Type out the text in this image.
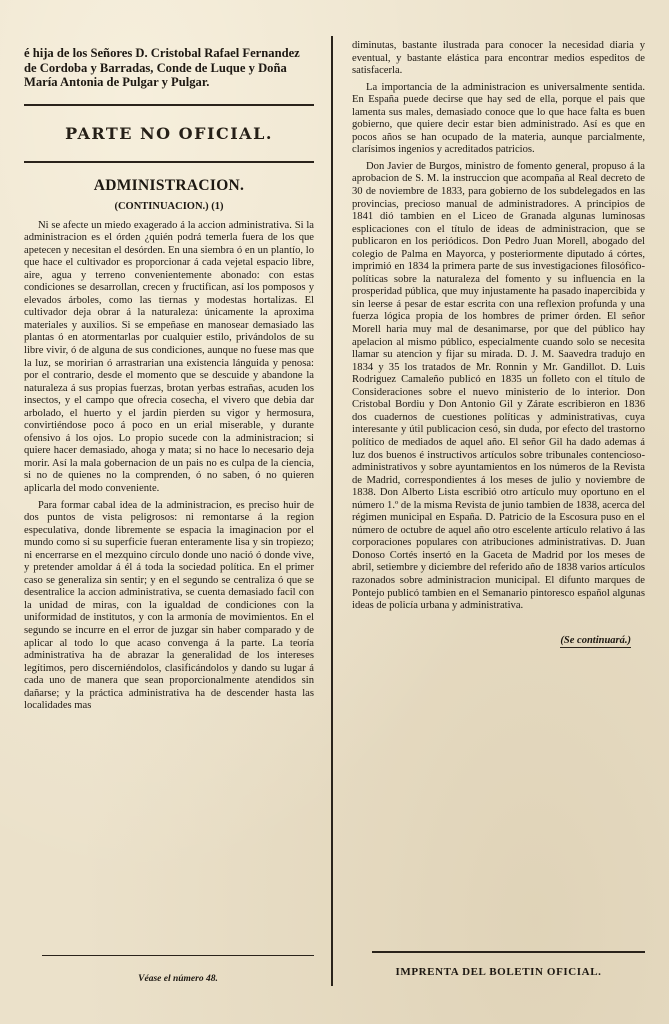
é hija de los Señores D. Cristobal Rafael Fernandez de Cordoba y Barradas, Conde de Luque y Doña María Antonia de Pulgar y Pulgar.

PARTE NO OFICIAL.
ADMINISTRACION.
(CONTINUACION.) (1)

Ni se afecte un miedo exagerado á la accion administrativa. Si la administracion es el órden ¿quién podrá temerla fuera de los que apetecen y necesitan el desórden. En una siembra ó en un plantío, lo que hace el cultivador es proporcionar á cada vejetal espacio libre, aire, agua y terreno convenientemente abonado: con estas condiciones se desarrollan, crecen y fructifican, así los pomposos y elevados árboles, como las tiernas y modestas hortalizas. El cultivador deja obrar á la naturaleza: únicamente la aproxima materiales y auxilios. Si se empeñase en manosear demasiado las plantas ó en atormentarlas por cualquier estilo, privándolos de su libre vivir, ó de alguna de sus condiciones, aunque no fuese mas que la luz, se moririan ó arrastrarian una existencia lánguida y penosa: por el contrario, desde el momento que se descuide y abandone la naturaleza á sus propias fuerzas, brotan yerbas estrañas, acuden los insectos, y el campo que ofrecia cosecha, el vivero que debia dar arbolado, el huerto y el jardin pierden su vigor y hermosura, convirtiéndose poco á poco en un erial miserable, y durante ofensivo á los ojos. Lo propio sucede con la administracion; si quiere hacer demasiado, ahoga y mata; si no hace lo necesario deja morir. Así la mala gobernacion de un pais no es culpa de la ciencia, si no de quienes no la comprenden, ó no saben, ó no quieren aplicarla del modo conveniente.

Para formar cabal idea de la administracion, es preciso huir de dos puntos de vista peligrosos: ni remontarse á la region especulativa, donde libremente se espacia la imaginacion por el mundo como si su superficie fueran enteramente lisa y sin tropiezo; ni encerrarse en el mezquino círculo donde uno nació ó donde vive, y pretender amoldar á él á toda la sociedad política. En el primer caso se generaliza sin sentir; y en el segundo se centraliza ó que se desentralice la accion administrativa, se cuenta demasiado facil con la unidad de miras, con la igualdad de condiciones con la uniformidad de institutos, y con la armonía de movimientos. En el segundo se incurre en el error de juzgar sin haber comparado y de aplicar al todo lo que acaso convenga á la parte. La teoría administrativa ha de abrazar la generalidad de los intereses legítimos, pero discerniéndolos, clasificándolos y dando su lugar á cada uno de manera que sean proporcionalmente atendidos sin dañarse; y la práctica administrativa ha de descender hasta las localidades mas

diminutas, bastante ilustrada para conocer la necesidad diaria y eventual, y bastante elástica para encontrar medios espeditos de satisfacerla.

La importancia de la administracion es universalmente sentida. En España puede decirse que hay sed de ella, porque el pais que lamenta sus males, demasiado conoce que lo que hace falta es buen gobierno, que quiere decir estar bien administrado. Así es que en pocos años se han ocupado de la materia, aunque parcialmente, clarísimos ingenios y acreditados patricios.

Don Javier de Burgos, ministro de fomento general, propuso á la aprobacion de S. M. la instruccion que acompaña al Real decreto de 30 de noviembre de 1833, para gobierno de los subdelegados en las provincias, precioso manual de administradores. A principios de 1841 dió tambien en el Liceo de Granada algunas luminosas esplicaciones con el título de ideas de administracion, que se publicaron en los periódicos. Don Pedro Juan Morell, abogado del colegio de Palma en Mayorca, y posteriormente diputado á córtes, imprimió en 1834 la primera parte de sus investigaciones filosófico-políticas sobre la naturaleza del fomento y su influencia en la prosperidad pública, que muy injustamente ha pasado inapercibida y sin leerse á pesar de estar escrita con una reflexion profunda y una fuerza lógica propia de los hombres de primer órden. El señor Morell haria muy mal de desanimarse, por que del público hay apelacion al mismo público, especialmente cuando solo se necesita llamar su atencion y fijar su mirada. D. J. M. Saavedra tradujo en 1834 y 35 los tratados de Mr. Ronnin y Mr. Gandillot. D. Luis Rodriguez Camaleño publicó en 1835 un folleto con el título de Consideraciones sobre el nuevo ministerio de lo interior. Don Cristobal Bordiu y Don Antonio Gil y Zárate escribieron en 1836 dos cuadernos de cuestiones políticas y administrativas, cuya interesante y útil publicacion cesó, sin duda, por efecto del trastorno político de mediados de aquel año. El señor Gil ha dado ademas á luz dos buenos é instructivos artículos sobre tribunales contencioso-administrativos y sobre ayuntamientos en los números de la Revista de Madrid, correspondientes á los meses de julio y noviembre de 1838. Don Alberto Lista escribió otro artículo muy oportuno en el número 1.º de la misma Revista de junio tambien de 1838, acerca del régimen municipal en España. D. Patricio de la Escosura puso en el número de octubre de aquel año otro escelente artículo relativo á las corporaciones populares con atribuciones administrativas. D. Juan Donoso Cortés insertó en la Gaceta de Madrid por los meses de abril, setiembre y diciembre del referido año de 1838 varios artículos razonados sobre administracion municipal. El difunto marques de Pontejo publicó tambien en el Semanario pintoresco español algunas ideas de policía urbana y administrativa.

(Se continuará.)
Véase el número 48.
IMPRENTA DEL BOLETIN OFICIAL.
